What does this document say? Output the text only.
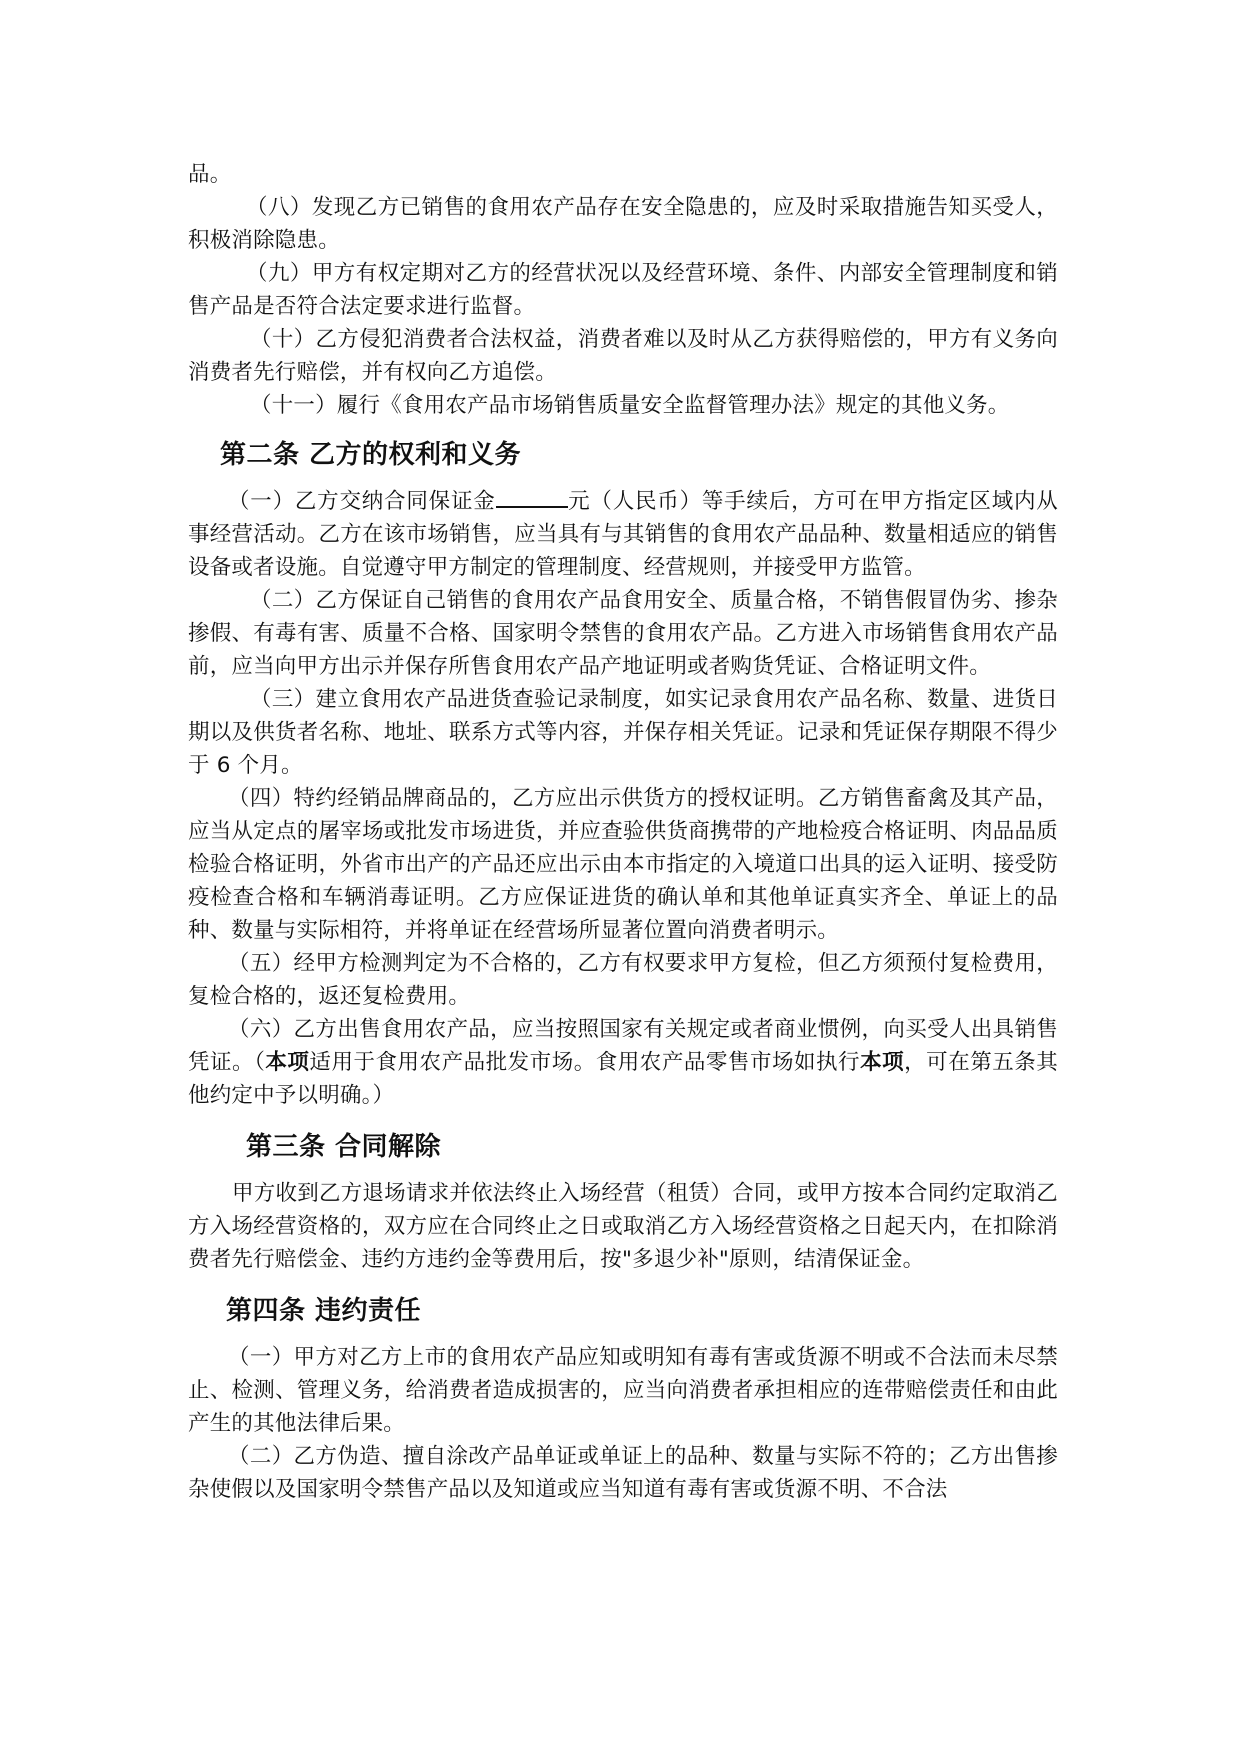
品。

（八）发现乙方已销售的食用农产品存在安全隐患的，应及时采取措施告知买受人，积极消除隐患。

（九）甲方有权定期对乙方的经营状况以及经营环境、条件、内部安全管理制度和销售产品是否符合法定要求进行监督。

（十）乙方侵犯消费者合法权益，消费者难以及时从乙方获得赔偿的，甲方有义务向消费者先行赔偿，并有权向乙方追偿。

（十一）履行《食用农产品市场销售质量安全监督管理办法》规定的其他义务。

第二条 乙方的权利和义务

（一）乙方交纳合同保证金	元（人民币）等手续后，方可在甲方指定区域内从事经营活动。乙方在该市场销售，应当具有与其销售的食用农产品品种、数量相适应的销售设备或者设施。自觉遵守甲方制定的管理制度、经营规则，并接受甲方监管。

（二）乙方保证自己销售的食用农产品食用安全、质量合格，不销售假冒伪劣、掺杂掺假、有毒有害、质量不合格、国家明令禁售的食用农产品。乙方进入市场销售食用农产品前，应当向甲方出示并保存所售食用农产品产地证明或者购货凭证、合格证明文件。

（三）建立食用农产品进货查验记录制度，如实记录食用农产品名称、数量、进货日期以及供货者名称、地址、联系方式等内容，并保存相关凭证。记录和凭证保存期限不得少于 6 个月。

（四）特约经销品牌商品的，乙方应出示供货方的授权证明。乙方销售畜禽及其产品，应当从定点的屠宰场或批发市场进货，并应查验供货商携带的产地检疫合格证明、肉品品质检验合格证明，外省市出产的产品还应出示由本市指定的入境道口出具的运入证明、接受防疫检查合格和车辆消毒证明。乙方应保证进货的确认单和其他单证真实齐全、单证上的品种、数量与实际相符，并将单证在经营场所显著位置向消费者明示。

（五）经甲方检测判定为不合格的，乙方有权要求甲方复检，但乙方须预付复检费用，复检合格的，返还复检费用。

（六）乙方出售食用农产品，应当按照国家有关规定或者商业惯例，向买受人出具销售凭证。（本项适用于食用农产品批发市场。食用农产品零售市场如执行本项，可在第五条其他约定中予以明确。）

第三条 合同解除

甲方收到乙方退场请求并依法终止入场经营（租赁）合同，或甲方按本合同约定取消乙方入场经营资格的，双方应在合同终止之日或取消乙方入场经营资格之日起天内，在扣除消费者先行赔偿金、违约方违约金等费用后，按"多退少补"原则，结清保证金。

第四条 违约责任

（一）甲方对乙方上市的食用农产品应知或明知有毒有害或货源不明或不合法而未尽禁止、检测、管理义务，给消费者造成损害的，应当向消费者承担相应的连带赔偿责任和由此产生的其他法律后果。

（二）乙方伪造、擅自涂改产品单证或单证上的品种、数量与实际不符的；乙方出售掺杂使假以及国家明令禁售产品以及知道或应当知道有毒有害或货源不明、不合法
